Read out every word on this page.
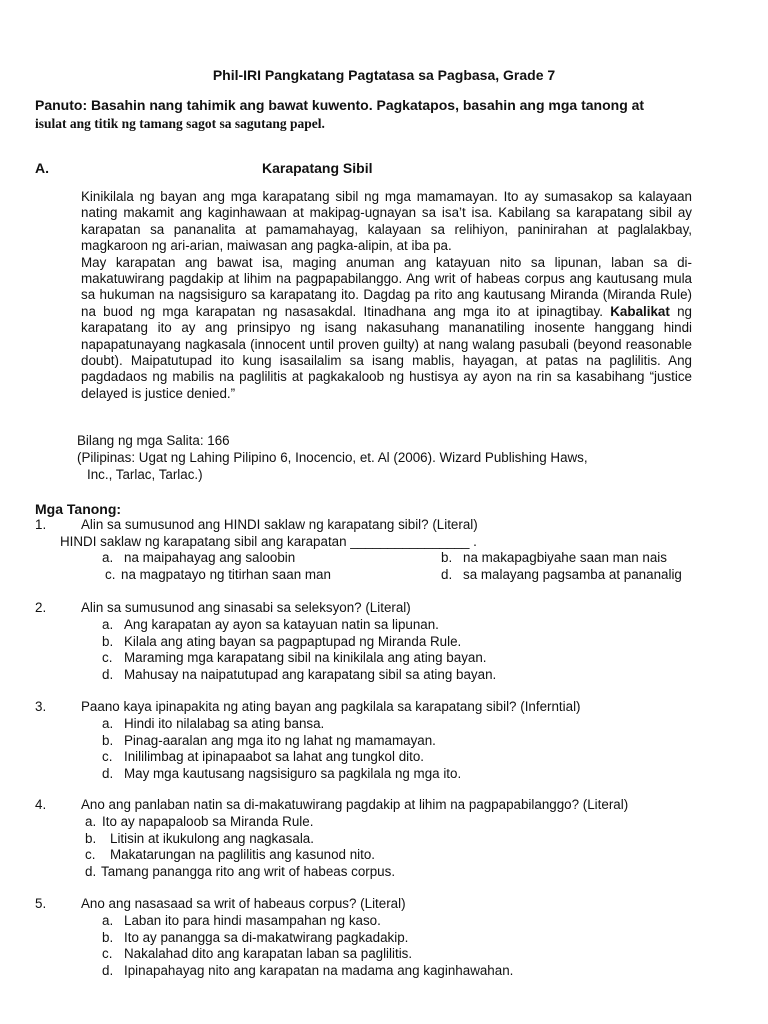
Phil-IRI Pangkatang Pagtatasa sa Pagbasa, Grade 7
Panuto: Basahin nang tahimik ang bawat kuwento. Pagkatapos, basahin ang mga tanong at
isulat ang titik ng tamang sagot sa sagutang papel.
A.	Karapatang Sibil

Kinikilala ng bayan ang mga karapatang sibil ng mga mamamayan. Ito ay sumasakop sa kalayaan nating makamit ang kaginhawaan at makipag-ugnayan sa isa’t isa. Kabilang sa karapatang sibil ay karapatan sa pananalita at pamamahayag, kalayaan sa relihiyon, paninirahan at paglalakbay, magkaroon ng ari-arian, maiwasan ang pagka-alipin, at iba pa.

May karapatan ang bawat isa, maging anuman ang katayuan nito sa lipunan, laban sa di-makatuwirang pagdakip at lihim na pagpapabilanggo. Ang writ of habeas corpus ang kautusang mula sa hukuman na nagsisiguro sa karapatang ito. Dagdag pa rito ang kautusang Miranda (Miranda Rule) na buod ng mga karapatan ng nasasakdal. Itinadhana ang mga ito at ipinagtibay. Kabalikat ng karapatang ito ay ang prinsipyo ng isang nakasuhang mananatiling inosente hanggang hindi napapatunayang nagkasala (innocent until proven guilty) at nang walang pasubali (beyond reasonable doubt). Maipatutupad ito kung isasailalim sa isang mablis, hayagan, at patas na paglilitis. Ang pagdadaos ng mabilis na paglilitis at pagkakaloob ng hustisya ay ayon na rin sa kasabihang “justice delayed is justice denied.”

Bilang ng mga Salita: 166
(Pilipinas: Ugat ng Lahing Pilipino 6, Inocencio, et. Al (2006). Wizard Publishing Haws,
Inc., Tarlac, Tarlac.)
Mga Tanong:
1.	Alin sa sumusunod ang HINDI saklaw ng karapatang sibil? (Literal)
HINDI saklaw ng karapatang sibil ang karapatan ________________ .
a. na maipahayag ang saloobin	b. na makapagbiyahe saan man nais
c. na magpatayo ng titirhan saan man	d. sa malayang pagsamba at pananalig
2.	Alin sa sumusunod ang sinasabi sa seleksyon? (Literal)
a. Ang karapatan ay ayon sa katayuan natin sa lipunan.
b. Kilala ang ating bayan sa pagpaptupad ng Miranda Rule.
c. Maraming mga karapatang sibil na kinikilala ang ating bayan.
d. Mahusay na naipatutupad ang karapatang sibil sa ating bayan.
3.	Paano kaya ipinapakita ng ating bayan ang pagkilala sa karapatang sibil? (Inferntial)
a. Hindi ito nilalabag sa ating bansa.
b. Pinag-aaralan ang mga ito ng lahat ng mamamayan.
c. Inililimbag at ipinapaabot sa lahat ang tungkol dito.
d. May mga kautusang nagsisiguro sa pagkilala ng mga ito.
4.	Ano ang panlaban natin sa di-makatuwirang pagdakip at lihim na pagpapabilanggo? (Literal)
a. Ito ay napapaloob sa Miranda Rule.
b. Litisin at ikukulong ang nagkasala.
c. Makatarungan na paglilitis ang kasunod nito.
d. Tamang panangga rito ang writ of habeas corpus.
5.	Ano ang nasasaad sa writ of habeaus corpus? (Literal)
a. Laban ito para hindi masampahan ng kaso.
b. Ito ay panangga sa di-makatwirang pagkadakip.
c. Nakalahad dito ang karapatan laban sa paglilitis.
d. Ipinapahayag nito ang karapatan na madama ang kaginhawahan.
